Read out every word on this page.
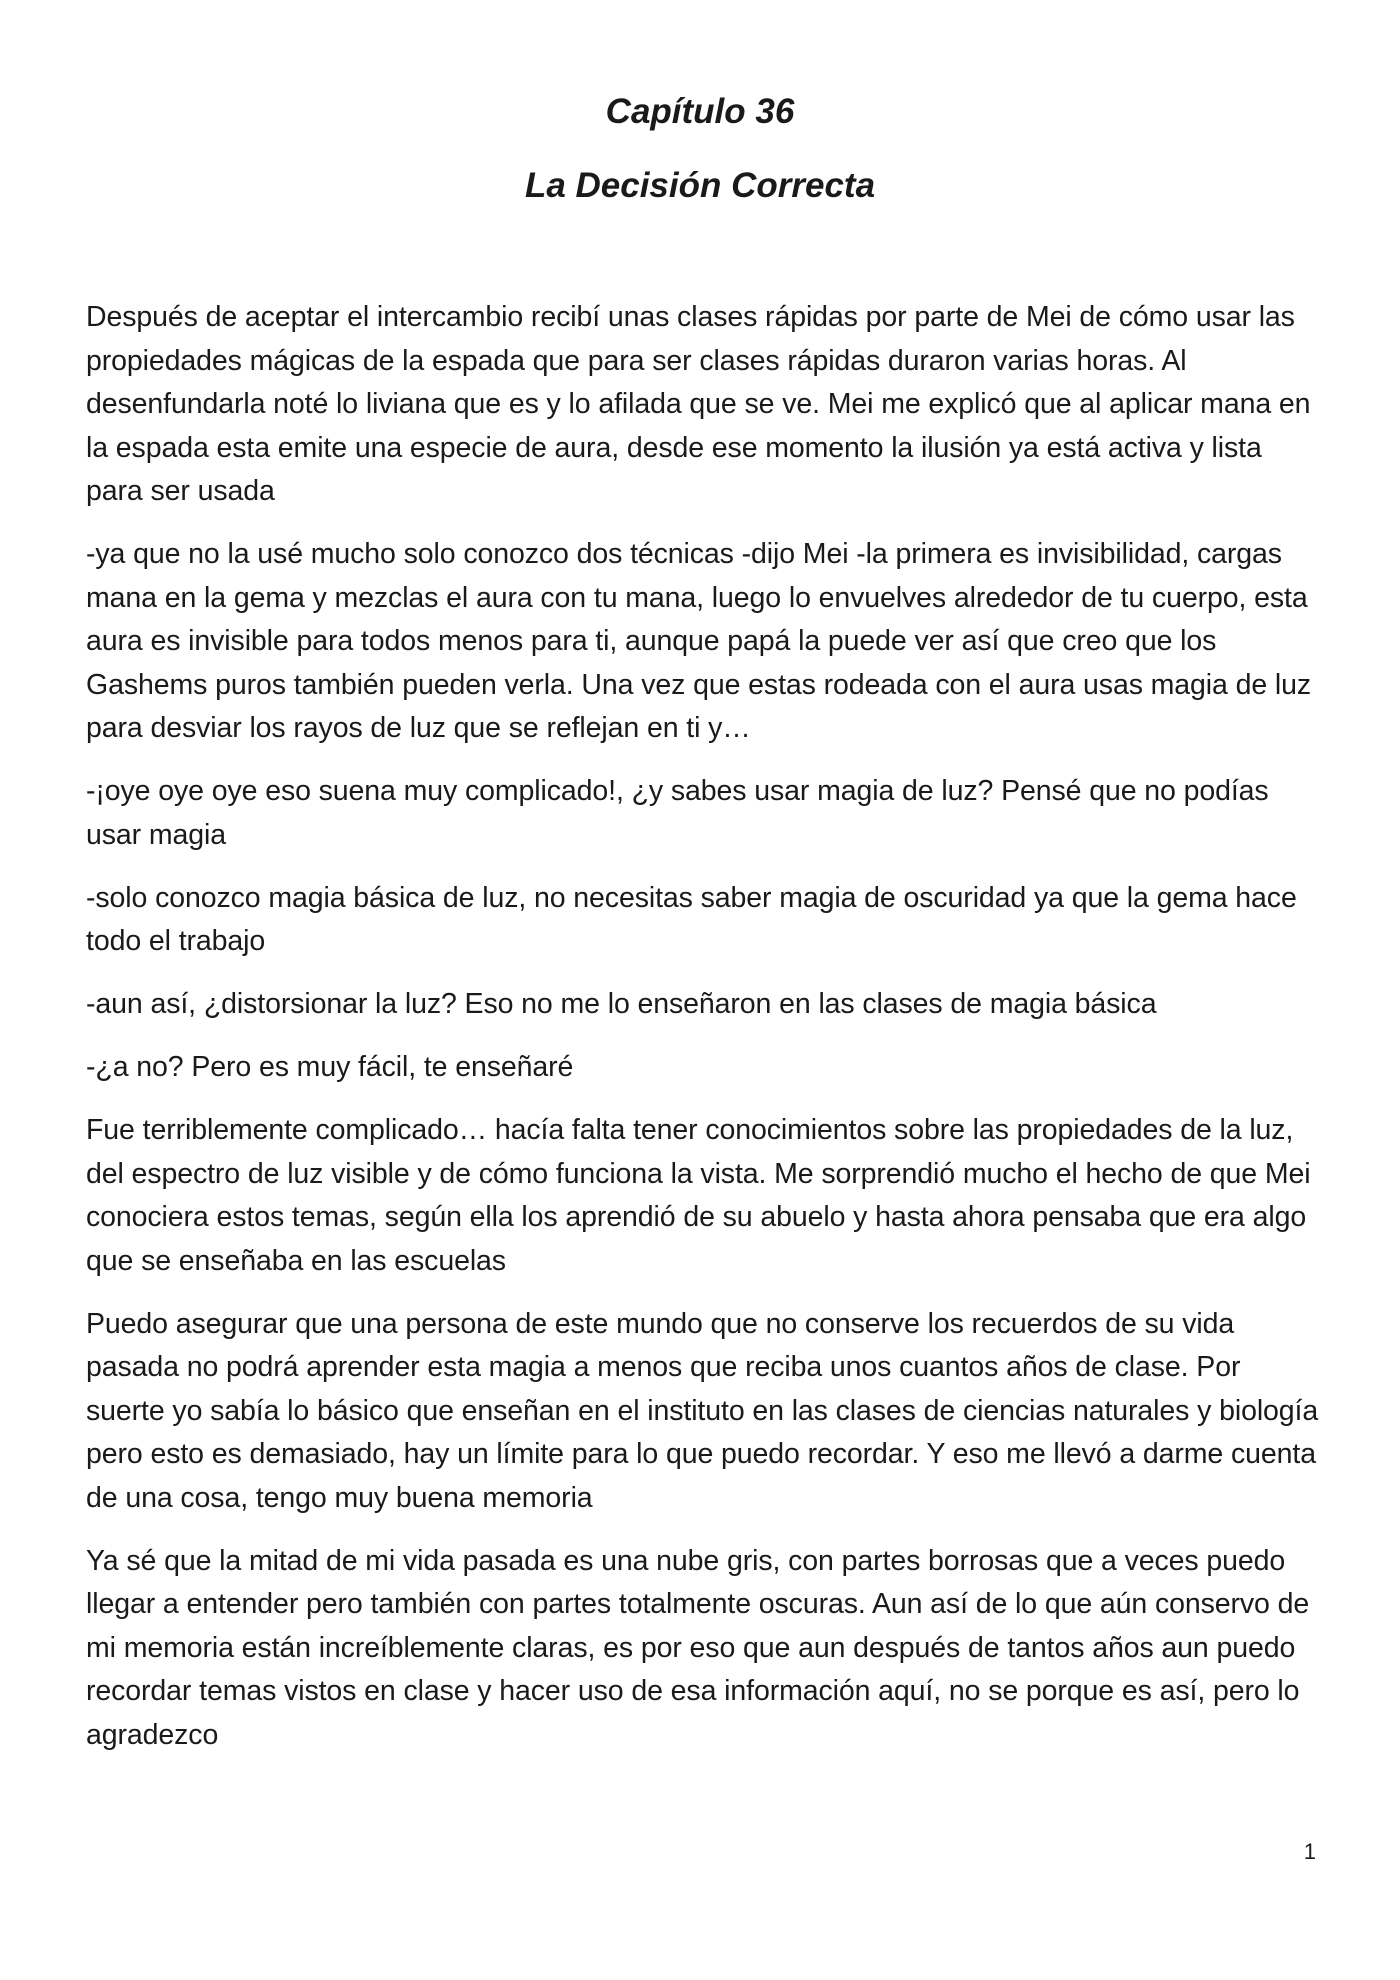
Capítulo 36
La Decisión Correcta

Después de aceptar el intercambio recibí unas clases rápidas por parte de Mei de cómo usar las propiedades mágicas de la espada que para ser clases rápidas duraron varias horas. Al desenfundarla noté lo liviana que es y lo afilada que se ve. Mei me explicó que al aplicar mana en la espada esta emite una especie de aura, desde ese momento la ilusión ya está activa y lista para ser usada

-ya que no la usé mucho solo conozco dos técnicas -dijo Mei -la primera es invisibilidad, cargas mana en la gema y mezclas el aura con tu mana, luego lo envuelves alrededor de tu cuerpo, esta aura es invisible para todos menos para ti, aunque papá la puede ver así que creo que los Gashems puros también pueden verla. Una vez que estas rodeada con el aura usas magia de luz para desviar los rayos de luz que se reflejan en ti y…

-¡oye oye oye eso suena muy complicado!, ¿y sabes usar magia de luz? Pensé que no podías usar magia

-solo conozco magia básica de luz, no necesitas saber magia de oscuridad ya que la gema hace todo el trabajo

-aun así, ¿distorsionar la luz? Eso no me lo enseñaron en las clases de magia básica

-¿a no? Pero es muy fácil, te enseñaré

Fue terriblemente complicado… hacía falta tener conocimientos sobre las propiedades de la luz, del espectro de luz visible y de cómo funciona la vista. Me sorprendió mucho el hecho de que Mei conociera estos temas, según ella los aprendió de su abuelo y hasta ahora pensaba que era algo que se enseñaba en las escuelas

Puedo asegurar que una persona de este mundo que no conserve los recuerdos de su vida pasada no podrá aprender esta magia a menos que reciba unos cuantos años de clase. Por suerte yo sabía lo básico que enseñan en el instituto en las clases de ciencias naturales y biología pero esto es demasiado, hay un límite para lo que puedo recordar. Y eso me llevó a darme cuenta de una cosa, tengo muy buena memoria

Ya sé que la mitad de mi vida pasada es una nube gris, con partes borrosas que a veces puedo llegar a entender pero también con partes totalmente oscuras. Aun así de lo que aún conservo de mi memoria están increíblemente claras, es por eso que aun después de tantos años aun puedo recordar temas vistos en clase y hacer uso de esa información aquí, no se porque es así, pero lo agradezco

1
